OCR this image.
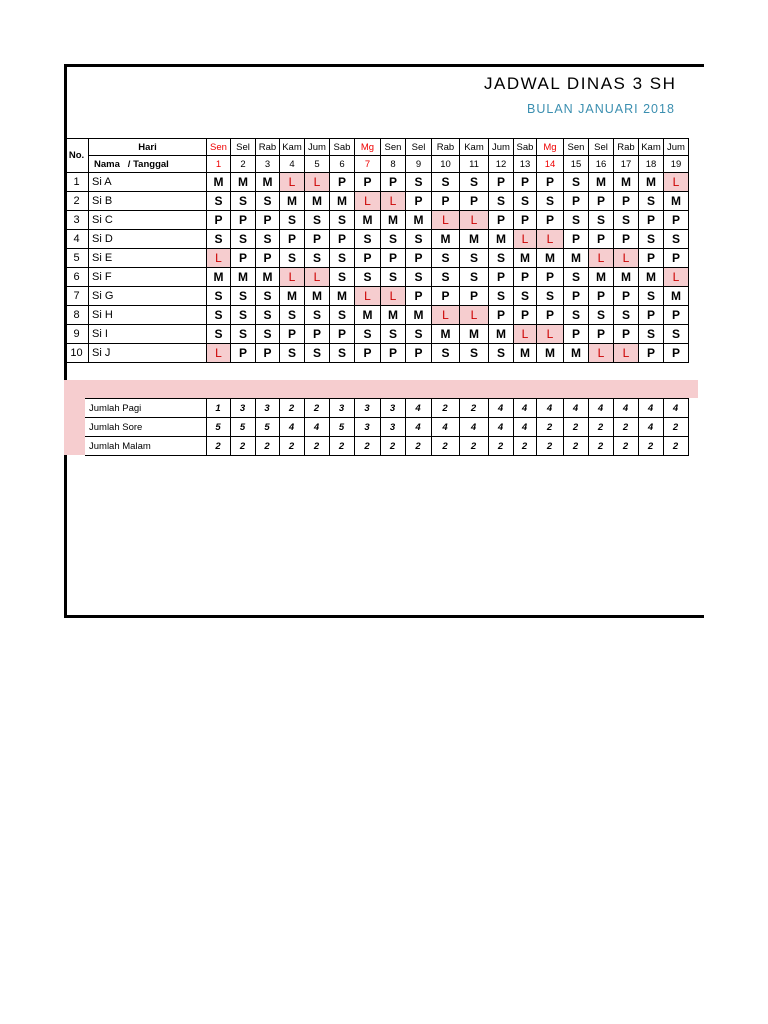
JADWAL DINAS 3 SH
BULAN JANUARI 2018
No.	Hari	Sen	Sel	Rab	Kam	Jum	Sab	Mg	Sen	Sel	Rab	Kam	Jum	Sab	Mg	Sen	Sel	Rab	Kam	Jum
	Nama / Tanggal	1	2	3	4	5	6	7	8	9	10	11	12	13	14	15	16	17	18	19
1	Si A	M	M	M	L	L	P	P	P	S	S	S	P	P	P	S	M	M	M	L
2	Si B	S	S	S	M	M	M	L	L	P	P	P	S	S	S	P	P	P	S	M
3	Si C	P	P	P	S	S	S	M	M	M	L	L	P	P	P	S	S	S	P	P
4	Si D	S	S	S	P	P	P	S	S	S	M	M	M	L	L	P	P	P	S	S
5	Si E	L	P	P	S	S	S	P	P	P	S	S	S	M	M	M	L	L	P	P
6	Si F	M	M	M	L	L	S	S	S	S	S	S	P	P	P	S	M	M	M	L
7	Si G	S	S	S	M	M	M	L	L	P	P	P	S	S	S	P	P	P	S	M
8	Si H	S	S	S	S	S	S	M	M	M	L	L	P	P	P	S	S	S	P	P
9	Si I	S	S	S	P	P	P	S	S	S	M	M	M	L	L	P	P	P	S	S
10	Si J	L	P	P	S	S	S	P	P	P	S	S	S	M	M	M	L	L	P	P
Jumlah Pagi	1	3	3	2	2	3	3	3	4	2	2	4	4	4	4	4	4	4	4
Jumlah Sore	5	5	5	4	4	5	3	3	4	4	4	4	4	2	2	2	2	4	2
Jumlah Malam	2	2	2	2	2	2	2	2	2	2	2	2	2	2	2	2	2	2	2
